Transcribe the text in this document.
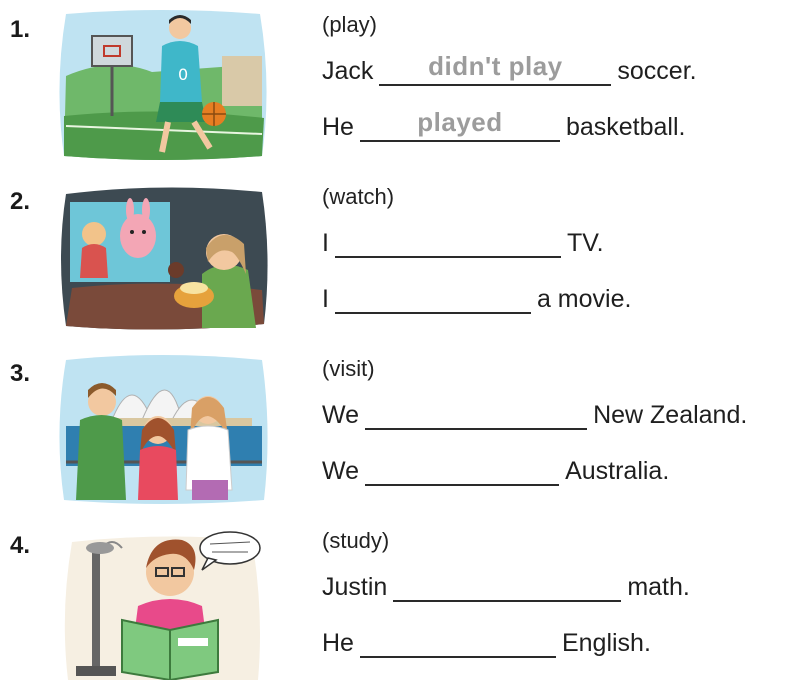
1.
0
(play)
Jack	didn't play	soccer.
He	played	basketball.
2.	(watch)
I	TV.
I	a movie.
3.	(visit)
We	New Zealand.
We	Australia.
4.	(study)
Justin	math.
He	English.
